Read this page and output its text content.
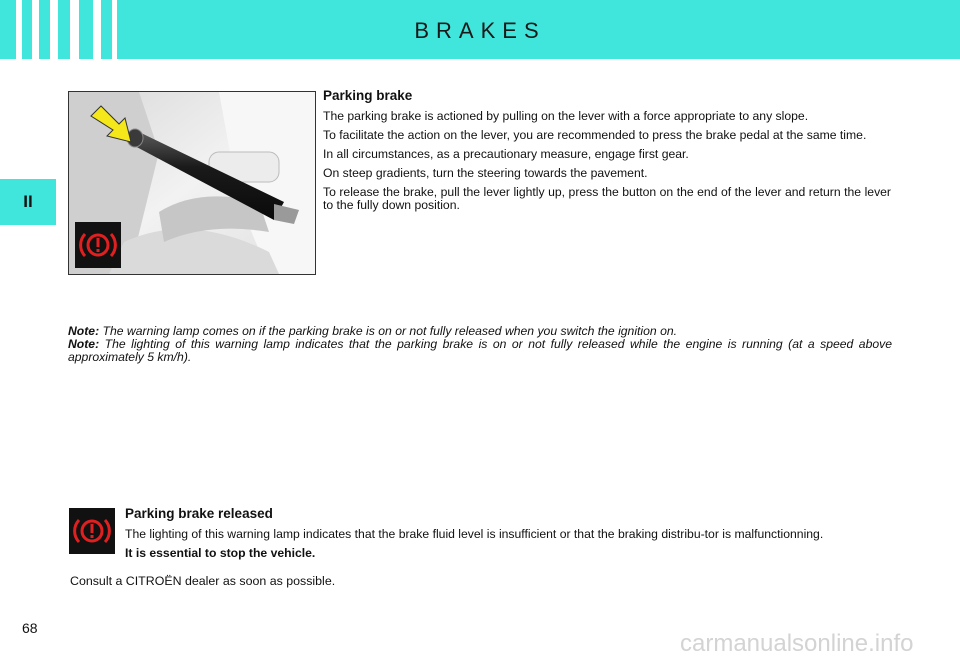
BRAKES
II
Parking brake

The parking brake is actioned by pulling on the lever with a force appropriate to any slope.

To facilitate the action on the lever, you are recommended to press the brake pedal at the same time.

In all circumstances, as a precautionary measure, engage first gear.

On steep gradients, turn the steering towards the pavement.

To release the brake, pull the lever lightly up, press the button on the end of the lever and return the lever to the fully down position.

Note: The warning lamp comes on if the parking brake is on or not fully released when you switch the ignition on.

Note: The lighting of this warning lamp indicates that the parking brake is on or not fully released while the engine is running (at a speed above approximately 5 km/h).

Parking brake released

The lighting of this warning lamp indicates that the brake fluid level is insufficient or that the braking distribu-tor is malfunctionning.

It is essential to stop the vehicle.

Consult a CITROËN dealer as soon as possible.
68
carmanualsonline.info
